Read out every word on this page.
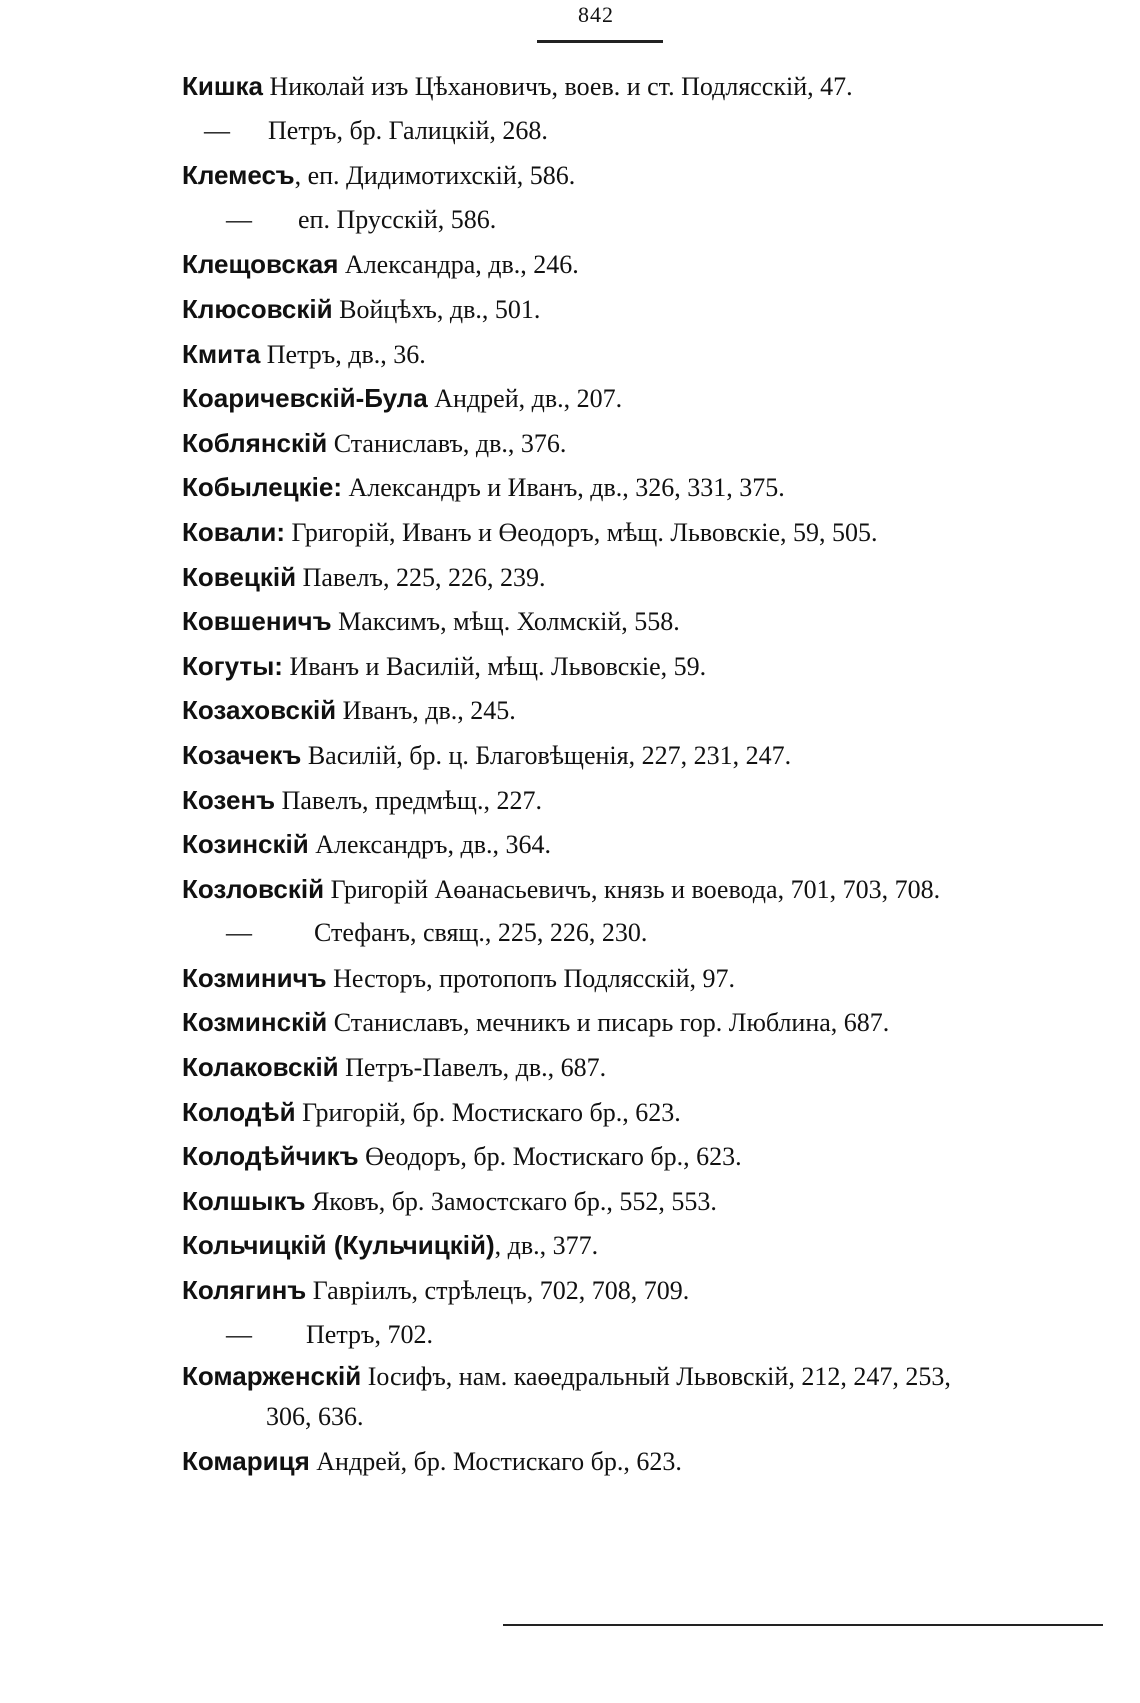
842
Кишка Николай изъ Цѣхановичъ, воев. и ст. Подлясскій, 47.
— Петръ, бр. Галицкій, 268.
Клемесъ, еп. Дидимотихскій, 586.
— еп. Прусскій, 586.
Клещовская Александра, дв., 246.
Клюсовскій Войцѣхъ, дв., 501.
Кмита Петръ, дв., 36.
Коаричевскій-Була Андрей, дв., 207.
Коблянскій Станиславъ, дв., 376.
Кобылецкіе: Александръ и Иванъ, дв., 326, 331, 375.
Ковали: Григорій, Иванъ и Өеодоръ, мѣщ. Львовскіе, 59, 505.
Ковецкій Павелъ, 225, 226, 239.
Ковшеничъ Максимъ, мѣщ. Холмскій, 558.
Когуты: Иванъ и Василій, мѣщ. Львовскіе, 59.
Козаховскій Иванъ, дв., 245.
Козачекъ Василій, бр. ц. Благовѣщенія, 227, 231, 247.
Козенъ Павелъ, предмѣщ., 227.
Козинскій Александръ, дв., 364.
Козловскій Григорій Аөанасьевичъ, князь и воевода, 701, 703, 708.
— Стефанъ, свящ., 225, 226, 230.
Козминичъ Несторъ, протопопъ Подлясскій, 97.
Козминскій Станиславъ, мечникъ и писарь гор. Люблина, 687.
Колаковскій Петръ-Павелъ, дв., 687.
Колодѣй Григорій, бр. Мостискаго бр., 623.
Колодѣйчикъ Өеодоръ, бр. Мостискаго бр., 623.
Колшыкъ Яковъ, бр. Замостскаго бр., 552, 553.
Кольчицкій (Кульчицкій), дв., 377.
Колягинъ Гавріилъ, стрѣлецъ, 702, 708, 709.
— Петръ, 702.
Комарженскій Іосифъ, нам. каөедральный Львовскій, 212, 247, 253,
306, 636.
Комариця Андрей, бр. Мостискаго бр., 623.
